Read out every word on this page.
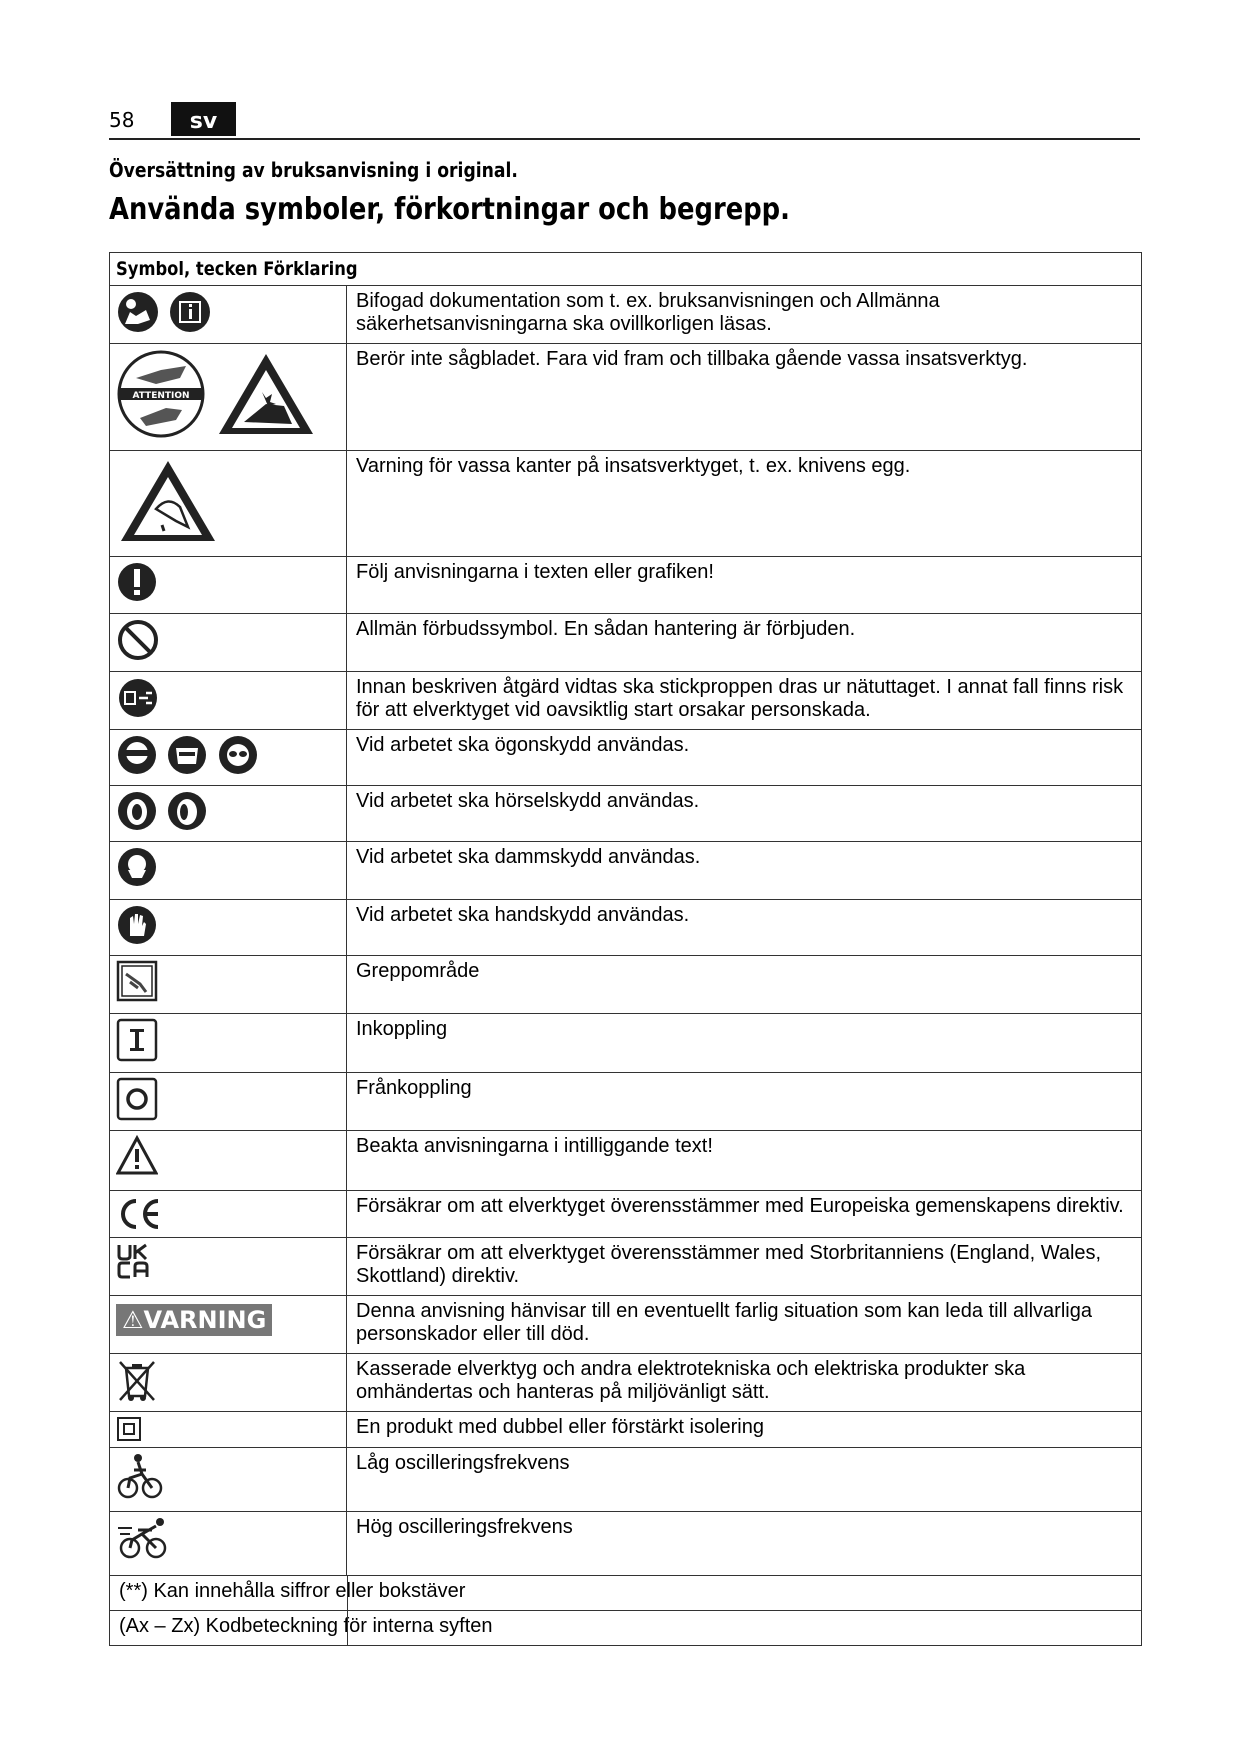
58	sv
Översättning av bruksanvisning i original.
Använda symboler, förkortningar och begrepp.
Symbol, tecken Förklaring	

	Bifogad dokumentation som t. ex. bruksanvisningen och Allmänna säkerhetsanvisningarna ska ovillkorligen läsas.

ATTENTION	Berör inte sågbladet. Fara vid fram och tillbaka gående vassa insatsverktyg.
	Varning för vassa kanter på insatsverktyget, t. ex. knivens egg.
	Följ anvisningarna i texten eller grafiken!
	Allmän förbudssymbol. En sådan hantering är förbjuden.
	Innan beskriven åtgärd vidtas ska stickproppen dras ur nätuttaget. I annat fall finns risk för att elverktyget vid oavsiktlig start orsakar personskada.
	Vid arbetet ska ögonskydd användas.
	Vid arbetet ska hörselskydd användas.
	Vid arbetet ska dammskydd användas.
	Vid arbetet ska handskydd användas.
	Greppområde
	Inkoppling
	Frånkoppling
	Beakta anvisningarna i intilliggande text!
	Försäkrar om att elverktyget överensstämmer med Europeiska gemenskapens direktiv.
	Försäkrar om att elverktyget överensstämmer med Storbritanniens (England, Wales, Skottland) direktiv.
⚠VARNING	Denna anvisning hänvisar till en eventuellt farlig situation som kan leda till allvarliga personskador eller till död.
	Kasserade elverktyg och andra elektrotekniska och elektriska produkter ska omhändertas och hanteras på miljövänligt sätt.
	En produkt med dubbel eller förstärkt isolering
	Låg oscilleringsfrekvens
	Hög oscilleringsfrekvens

(**) Kan innehålla siffror eller bokstäver	

(Ax – Zx) Kodbeteckning för interna syften	
